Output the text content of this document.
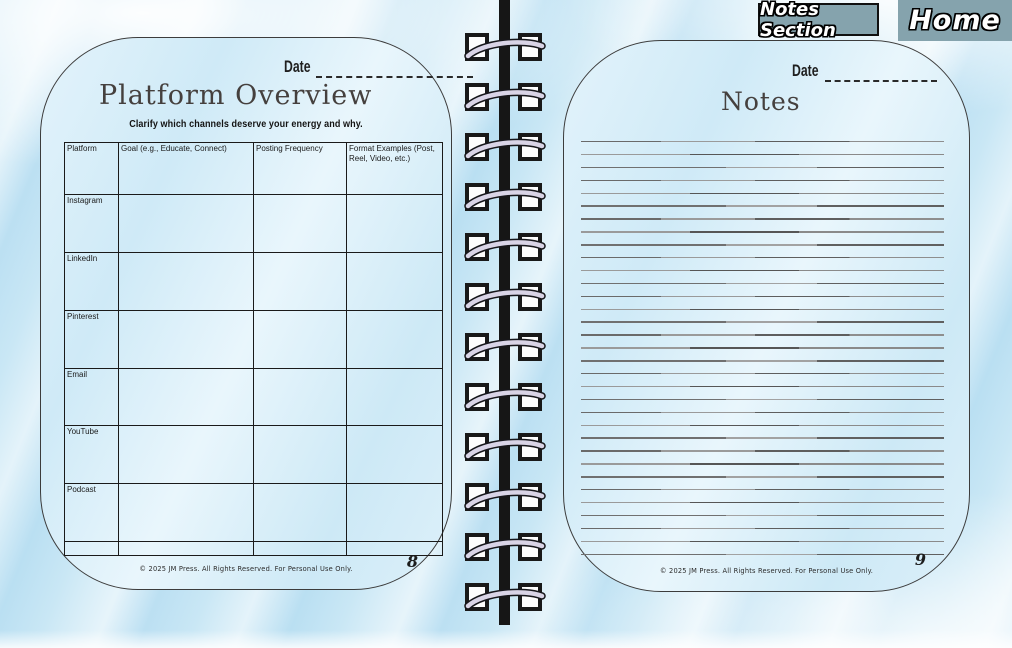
Date
Platform Overview
Clarify which channels deserve your energy and why.
Platform	Goal (e.g., Educate, Connect)	Posting Frequency	Format Examples (Post, Reel, Video, etc.)
Instagram			
LinkedIn			
Pinterest			
Email			
YouTube			
Podcast			

© 2025 JM Press. All Rights Reserved. For Personal Use Only.	8
Date
Notes
© 2025 JM Press. All Rights Reserved. For Personal Use Only.
9
Notes Section	Home
